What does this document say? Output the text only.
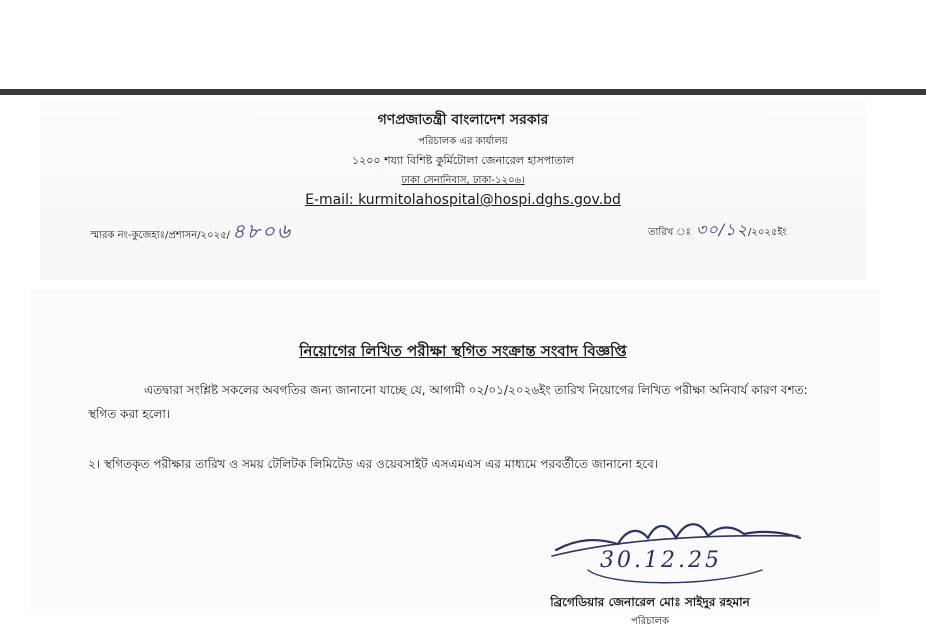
গণপ্রজাতন্ত্রী বাংলাদেশ সরকার
পরিচালক এর কার্যালয়
১২০০ শয্যা বিশিষ্ট কুর্মিটোলা জেনারেল হাসপাতাল
ঢাকা সেনানিবাস, ঢাকা-১২০৬।
E-mail: kurmitolahospital@hospi.dghs.gov.bd
স্মারক নং-কুজেহাঃ/প্রশাসন/২০২৫/ ৪৮০৬	তারিখ ঃ ৩০/১২/২০২৫ইং
নিয়োগের লিখিত পরীক্ষা স্থগিত সংক্রান্ত সংবাদ বিজ্ঞপ্তি
এতদ্বারা সংশ্লিষ্ট সকলের অবগতির জন্য জানানো যাচ্ছে যে, আগামী ০২/০১/২০২৬ইং তারিখ নিয়োগের লিখিত পরীক্ষা অনিবার্য কারণ বশত: স্থগিত করা হলো।
২। স্থগিতকৃত পরীক্ষার তারিখ ও সময় টেলিটক লিমিটেড এর ওয়েবসাইট এসএমএস এর মাধ্যমে পরবর্তীতে জানানো হবে।
30.12.25
ব্রিগেডিয়ার জেনারেল মোঃ সাইদুর রহমান
পরিচালক
